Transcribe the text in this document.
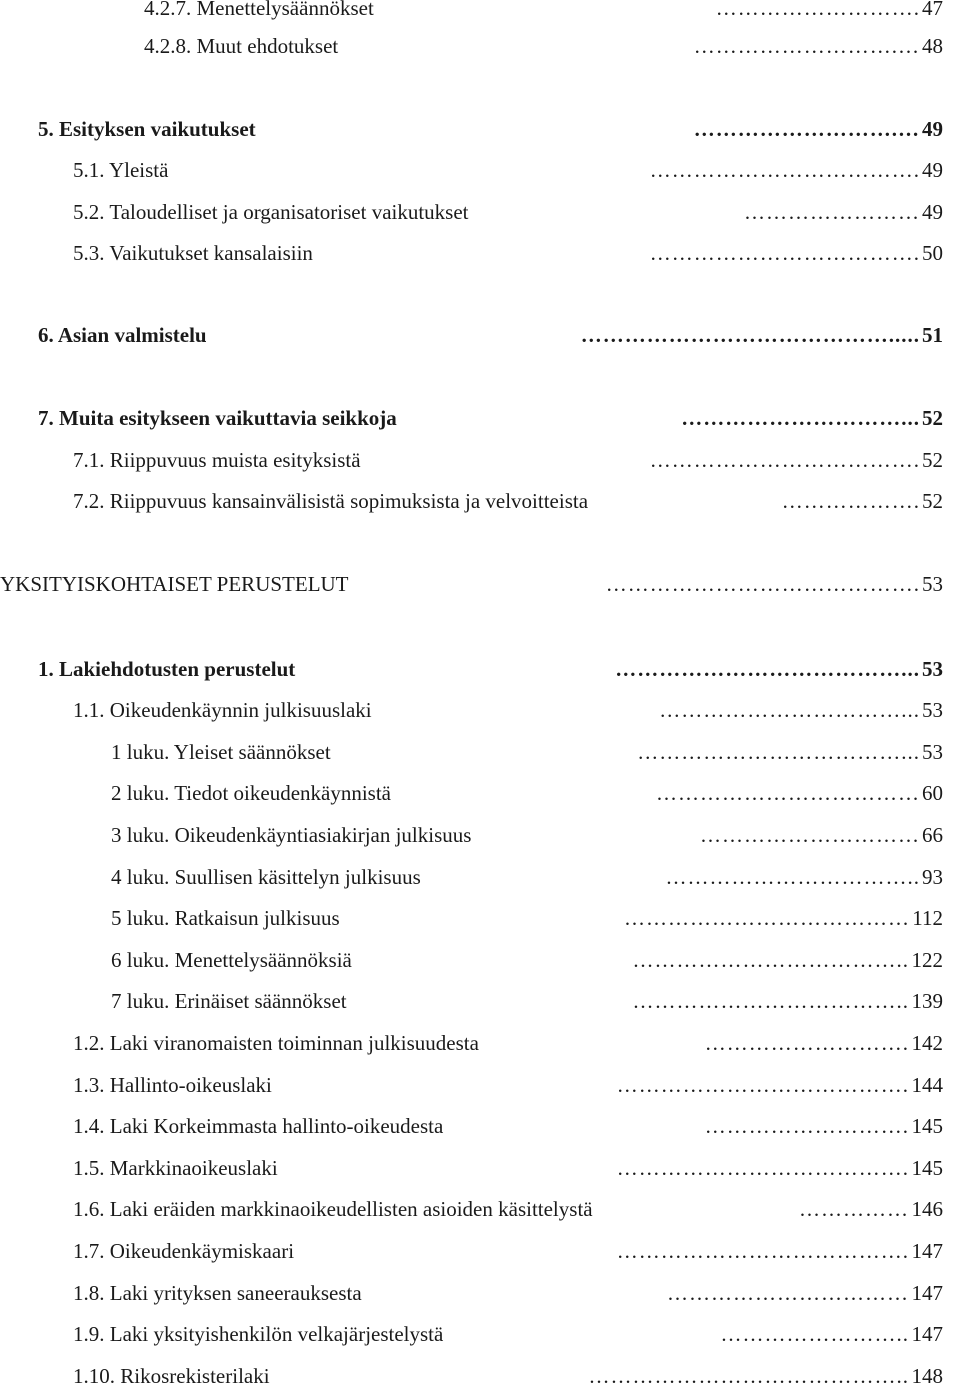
4.2.7. Menettelysäännökset	………………………. 47
4.2.8. Muut ehdotukset	……………………….… 48
5. Esityksen vaikutukset	……………………….… 49
5.1. Yleistä	………………………………. 49
5.2. Taloudelliset ja organisatoriset vaikutukset	…………………… 49
5.3. Vaikutukset kansalaisiin	………………………………. 50
6. Asian valmistelu	……………………………………..... 51
7. Muita esitykseen vaikuttavia seikkoja	…………………………... 52
7.1. Riippuvuus muista esityksistä	………………………………. 52
7.2. Riippuvuus kansainvälisistä sopimuksista ja velvoitteista	………………. 52
YKSITYISKOHTAISET PERUSTELUT	……………………………………. 53
1. Lakiehdotusten perustelut	…………………………………... 53
1.1. Oikeudenkäynnin julkisuuslaki	……………………………... 53
1 luku. Yleiset säännökset	………………………………... 53
2 luku. Tiedot oikeudenkäynnistä	……………………………… 60
3 luku. Oikeudenkäyntiasiakirjan julkisuus	………………………… 66
4 luku. Suullisen käsittelyn julkisuus	…………………………….. 93
5 luku. Ratkaisun julkisuus	………………………………… 112
6 luku. Menettelysäännöksiä	……………………………….. 122
7 luku. Erinäiset säännökset	……………………………….. 139
1.2. Laki viranomaisten toiminnan julkisuudesta	………………………. 142
1.3. Hallinto-oikeuslaki	…………………………………. 144
1.4. Laki Korkeimmasta hallinto-oikeudesta	………………………. 145
1.5. Markkinaoikeuslaki	…………………………………. 145
1.6. Laki eräiden markkinaoikeudellisten asioiden käsittelystä	…………… 146
1.7. Oikeudenkäymiskaari	…………………………………. 147
1.8. Laki yrityksen saneerauksesta	…………………………… 147
1.9. Laki yksityishenkilön velkajärjestelystä	…………………….. 147
1.10. Rikosrekisterilaki	…………………………………….. 148
